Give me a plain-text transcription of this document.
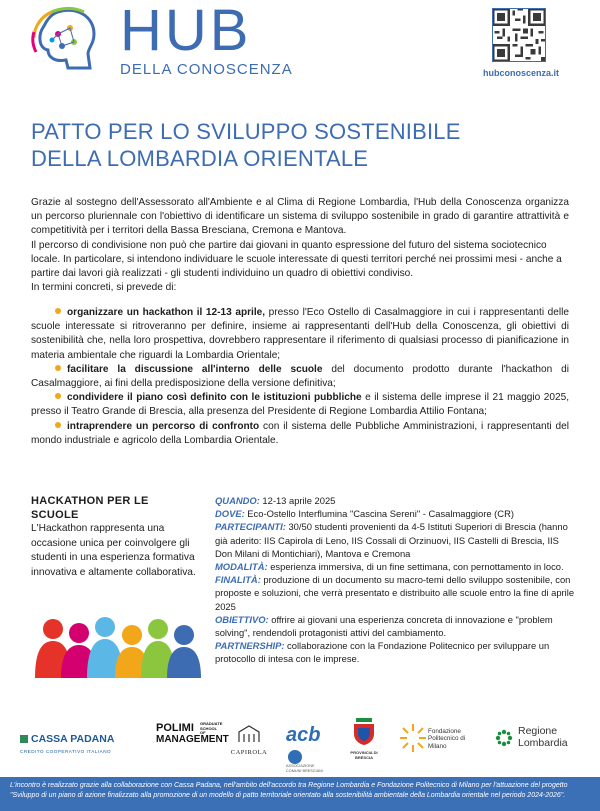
HUB
DELLA CONOSCENZA	hubconoscenza.it
PATTO PER LO SVILUPPO SOSTENIBILE
DELLA LOMBARDIA ORIENTALE

Grazie al sostegno dell'Assessorato all'Ambiente e al Clima di Regione Lombardia, l'Hub della Conoscenza organizza un percorso pluriennale con l'obiettivo di identificare un sistema di sviluppo sostenibile in grado di garantire attrattività e competitività per i territori della Bassa Bresciana, Cremona e Mantova.

Il percorso di condivisione non può che partire dai giovani in quanto espressione del futuro del sistema sociotecnico locale. In particolare, si intendono individuare le scuole interessate di questi territori perché nei prossimi mesi - anche a partire dai lavori già realizzati - gli studenti individuino un quadro di obiettivi condiviso.

In termini concreti, si prevede di:

organizzare un hackathon il 12-13 aprile, presso l'Eco Ostello di Casalmaggiore in cui i rappresentanti delle scuole interessate si ritroveranno per definire, insieme ai rappresentanti dell'Hub della Conoscenza, gli obiettivi di sostenibilità che, nella loro prospettiva, dovrebbero rappresentare il riferimento di qualsiasi processo di pianificazione in materia ambientale che riguardi la Lombardia Orientale;
facilitare la discussione all'interno delle scuole del documento prodotto durante l'hackathon di Casalmaggiore, ai fini della predisposizione della versione definitiva;
condividere il piano così definito con le istituzioni pubbliche e il sistema delle imprese il 21 maggio 2025, presso il Teatro Grande di Brescia, alla presenza del Presidente di Regione Lombardia Attilio Fontana;
intraprendere un percorso di confronto con il sistema delle Pubbliche Amministrazioni, i rappresentanti del mondo industriale e agricolo della Lombardia Orientale.
HACKATHON PER LE SCUOLE
L'Hackathon rappresenta una occasione unica per coinvolgere gli studenti in una esperienza formativa innovativa e altamente collaborativa.

QUANDO: 12-13 aprile 2025

DOVE: Eco-Ostello Interflumina "Cascina Sereni" - Casalmaggiore (CR)

PARTECIPANTI: 30/50 studenti provenienti da 4-5 Istituti Superiori di Brescia (hanno già aderito: IIS Capirola di Leno, IIS Cossali di Orzinuovi, IIS Castelli di Brescia, IIS Don Milani di Montichiari), Mantova e Cremona

MODALITÀ: esperienza immersiva, di un fine settimana, con pernottamento in loco.

FINALITÀ: produzione di un documento su macro-temi dello sviluppo sostenibile, con proposte e soluzioni, che verrà presentato e distribuito alle scuole entro la fine di aprile 2025

OBIETTIVO: offrire ai giovani una esperienza concreta di innovazione e "problem solving", rendendoli protagonisti attivi del cambiamento.

PARTNERSHIP: collaborazione con la Fondazione Politecnico per sviluppare un protocollo di intesa con le imprese.

CASSA PADANA
CREDITO COOPERATIVO ITALIANO
POLIMI
MANAGEMENT
GRADUATE SCHOOL OF
CAPIROLA
acb
ASSOCIAZIONE COMUNI BRESCIANI
PROVINCIA DI BRESCIA
Fondazione Politecnico di Milano
Regione Lombardia
L'incontro è realizzato grazie alla collaborazione con Cassa Padana, nell'ambito dell'accordo tra Regione Lombardia e Fondazione Politecnico di Milano per l'attuazione del progetto "Sviluppo di un piano di azione finalizzato alla promozione di un modello di patto territoriale orientato alla sostenibilità ambientale della Lombardia orientale nel periodo 2024-2026".
